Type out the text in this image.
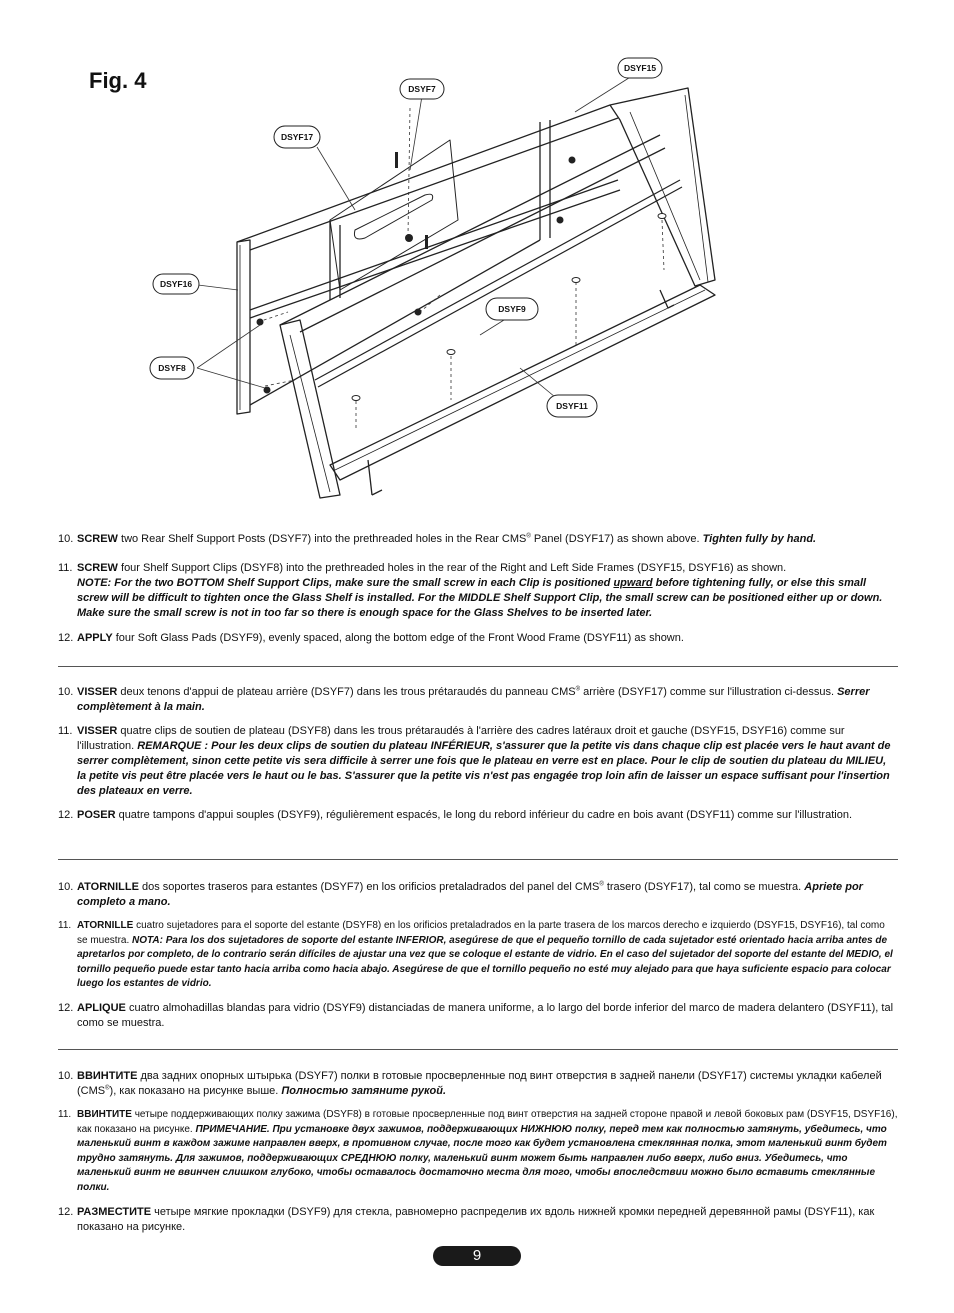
Fig. 4	DSYF15
DSYF7
DSYF17
DSYF16
DSYF9
DSYF8
DSYF11
10. SCREW two Rear Shelf Support Posts (DSYF7) into the prethreaded holes in the Rear CMS® Panel (DSYF17) as shown above. Tighten fully by hand.
11. SCREW four Shelf Support Clips (DSYF8) into the prethreaded holes in the rear of the Right and Left Side Frames (DSYF15, DSYF16) as shown.
NOTE: For the two BOTTOM Shelf Support Clips, make sure the small screw in each Clip is positioned upward before tightening fully, or else this small screw will be difficult to tighten once the Glass Shelf is installed. For the MIDDLE Shelf Support Clip, the small screw can be positioned either up or down. Make sure the small screw is not in too far so there is enough space for the Glass Shelves to be inserted later.
12. APPLY four Soft Glass Pads (DSYF9), evenly spaced, along the bottom edge of the Front Wood Frame (DSYF11) as shown.
10. VISSER deux tenons d'appui de plateau arrière (DSYF7) dans les trous prétaraudés du panneau CMS® arrière (DSYF17) comme sur l'illustration ci-dessus. Serrer complètement à la main.
11. VISSER quatre clips de soutien de plateau (DSYF8) dans les trous prétaraudés à l'arrière des cadres latéraux droit et gauche (DSYF15, DSYF16) comme sur l'illustration. REMARQUE : Pour les deux clips de soutien du plateau INFÉRIEUR, s'assurer que la petite vis dans chaque clip est placée vers le haut avant de serrer complètement, sinon cette petite vis sera difficile à serrer une fois que le plateau en verre est en place. Pour le clip de soutien du plateau du MILIEU, la petite vis peut être placée vers le haut ou le bas. S'assurer que la petite vis n'est pas engagée trop loin afin de laisser un espace suffisant pour l'insertion des plateaux en verre.
12. POSER quatre tampons d'appui souples (DSYF9), régulièrement espacés, le long du rebord inférieur du cadre en bois avant (DSYF11) comme sur l'illustration.
10. ATORNILLE dos soportes traseros para estantes (DSYF7) en los orificios pretaladrados del panel del CMS® trasero (DSYF17), tal como se muestra. Apriete por completo a mano.
11. ATORNILLE cuatro sujetadores para el soporte del estante (DSYF8) en los orificios pretaladrados en la parte trasera de los marcos derecho e izquierdo (DSYF15, DSYF16), tal como se muestra. NOTA: Para los dos sujetadores de soporte del estante INFERIOR, asegúrese de que el pequeño tornillo de cada sujetador esté orientado hacia arriba antes de apretarlos por completo, de lo contrario serán difíciles de ajustar una vez que se coloque el estante de vidrio. En el caso del sujetador del soporte del estante del MEDIO, el tornillo pequeño puede estar tanto hacia arriba como hacia abajo. Asegúrese de que el tornillo pequeño no esté muy alejado para que haya suficiente espacio para colocar luego los estantes de vidrio.
12. APLIQUE cuatro almohadillas blandas para vidrio (DSYF9) distanciadas de manera uniforme, a lo largo del borde inferior del marco de madera delantero (DSYF11), tal como se muestra.
10. ВВИНТИТЕ два задних опорных штырька (DSYF7) полки в готовые просверленные под винт отверстия в задней панели (DSYF17) системы укладки кабелей (CMS®), как показано на рисунке выше. Полностью затяните рукой.
11. ВВИНТИТЕ четыре поддерживающих полку зажима (DSYF8) в готовые просверленные под винт отверстия на задней стороне правой и левой боковых рам (DSYF15, DSYF16), как показано на рисунке. ПРИМЕЧАНИЕ. При установке двух зажимов, поддерживающих НИЖНЮЮ полку, перед тем как полностью затянуть, убедитесь, что маленький винт в каждом зажиме направлен вверх, в противном случае, после того как будет установлена стеклянная полка, этот маленький винт будет трудно затянуть. Для зажимов, поддерживающих СРЕДНЮЮ полку, маленький винт может быть направлен либо вверх, либо вниз. Убедитесь, что маленький винт не ввинчен слишком глубоко, чтобы оставалось достаточно места для того, чтобы впоследствии можно было вставить стеклянные полки.
12. РАЗМЕСТИТЕ четыре мягкие прокладки (DSYF9) для стекла, равномерно распределив их вдоль нижней кромки передней деревянной рамы (DSYF11), как показано на рисунке.
9
